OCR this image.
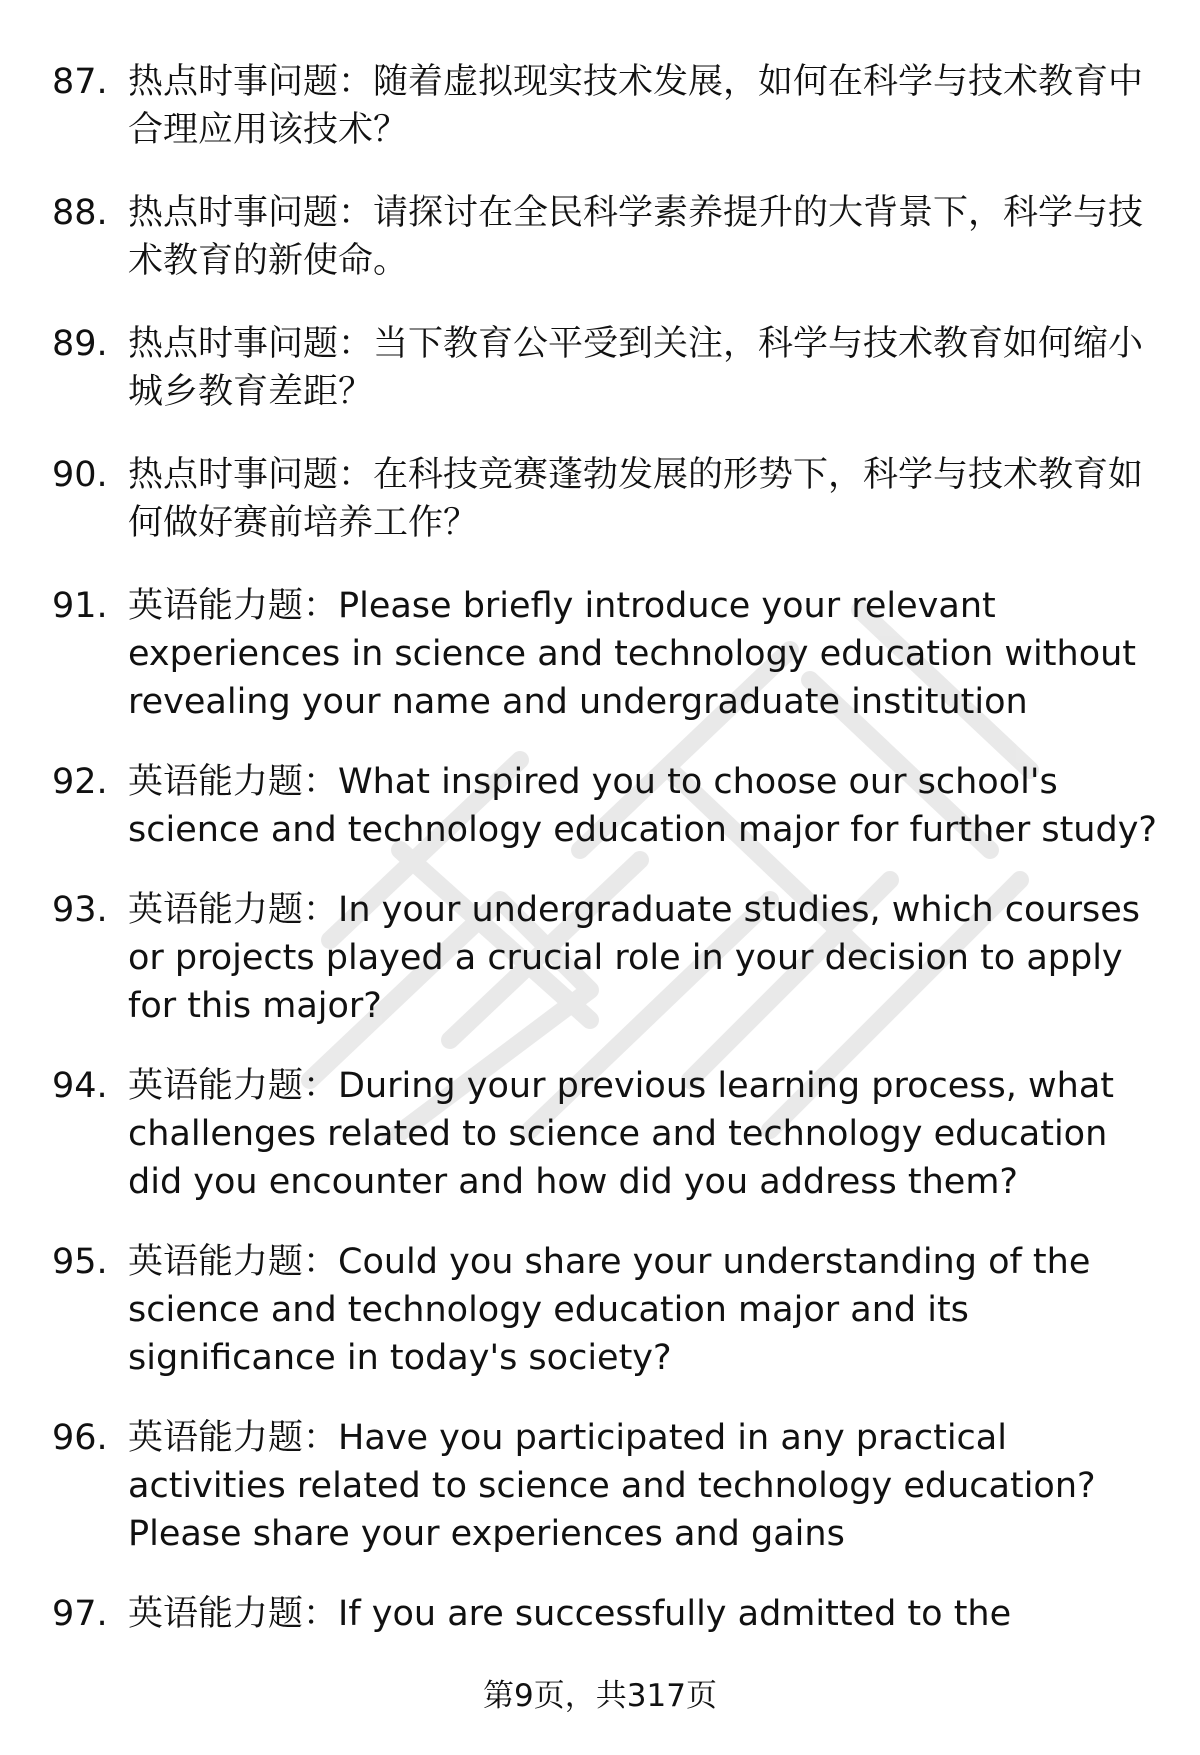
87. 热点时事问题：随着虚拟现实技术发展，如何在科学与技术教育中合理应用该技术？
88. 热点时事问题：请探讨在全民科学素养提升的大背景下，科学与技术教育的新使命。
89. 热点时事问题：当下教育公平受到关注，科学与技术教育如何缩小城乡教育差距？
90. 热点时事问题：在科技竞赛蓬勃发展的形势下，科学与技术教育如何做好赛前培养工作？
91. 英语能力题：Please briefly introduce your relevant experiences in science and technology education without revealing your name and undergraduate institution
92. 英语能力题：What inspired you to choose our school's science and technology education major for further study?
93. 英语能力题：In your undergraduate studies, which courses or projects played a crucial role in your decision to apply for this major?
94. 英语能力题：During your previous learning process, what challenges related to science and technology education did you encounter and how did you address them?
95. 英语能力题：Could you share your understanding of the science and technology education major and its significance in today's society?
96. 英语能力题：Have you participated in any practical activities related to science and technology education? Please share your experiences and gains
97. 英语能力题：If you are successfully admitted to the
第9页，共317页
